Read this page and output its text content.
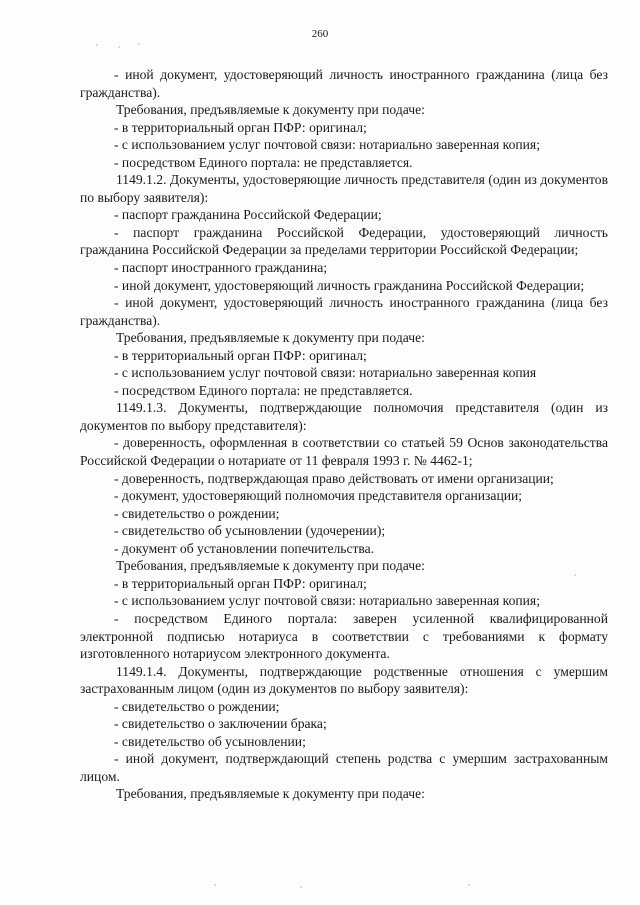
260

- иной документ, удостоверяющий личность иностранного гражданина (лица без гражданства).

Требования, предъявляемые к документу при подаче:

- в территориальный орган ПФР: оригинал;

- с использованием услуг почтовой связи: нотариально заверенная копия;

- посредством Единого портала: не представляется.

1149.1.2. Документы, удостоверяющие личность представителя (один из документов по выбору заявителя):

- паспорт гражданина Российской Федерации;

- паспорт гражданина Российской Федерации, удостоверяющий личность гражданина Российской Федерации за пределами территории Российской Федерации;

- паспорт иностранного гражданина;

- иной документ, удостоверяющий личность гражданина Российской Федерации;

- иной документ, удостоверяющий личность иностранного гражданина (лица без гражданства).

Требования, предъявляемые к документу при подаче:

- в территориальный орган ПФР: оригинал;

- с использованием услуг почтовой связи: нотариально заверенная копия

- посредством Единого портала: не представляется.

1149.1.3. Документы, подтверждающие полномочия представителя (один из документов по выбору представителя):

- доверенность, оформленная в соответствии со статьей 59 Основ законодательства Российской Федерации о нотариате от 11 февраля 1993 г. № 4462-1;

- доверенность, подтверждающая право действовать от имени организации;

- документ, удостоверяющий полномочия представителя организации;

- свидетельство о рождении;

- свидетельство об усыновлении (удочерении);

- документ об установлении попечительства.

Требования, предъявляемые к документу при подаче:

- в территориальный орган ПФР: оригинал;

- с использованием услуг почтовой связи: нотариально заверенная копия;

- посредством Единого портала: заверен усиленной квалифицированной электронной подписью нотариуса в соответствии с требованиями к формату изготовленного нотариусом электронного документа.

1149.1.4. Документы, подтверждающие родственные отношения с умершим застрахованным лицом (один из документов по выбору заявителя):

- свидетельство о рождении;

- свидетельство о заключении брака;

- свидетельство об усыновлении;

- иной документ, подтверждающий степень родства с умершим застрахованным лицом.

Требования, предъявляемые к документу при подаче:
